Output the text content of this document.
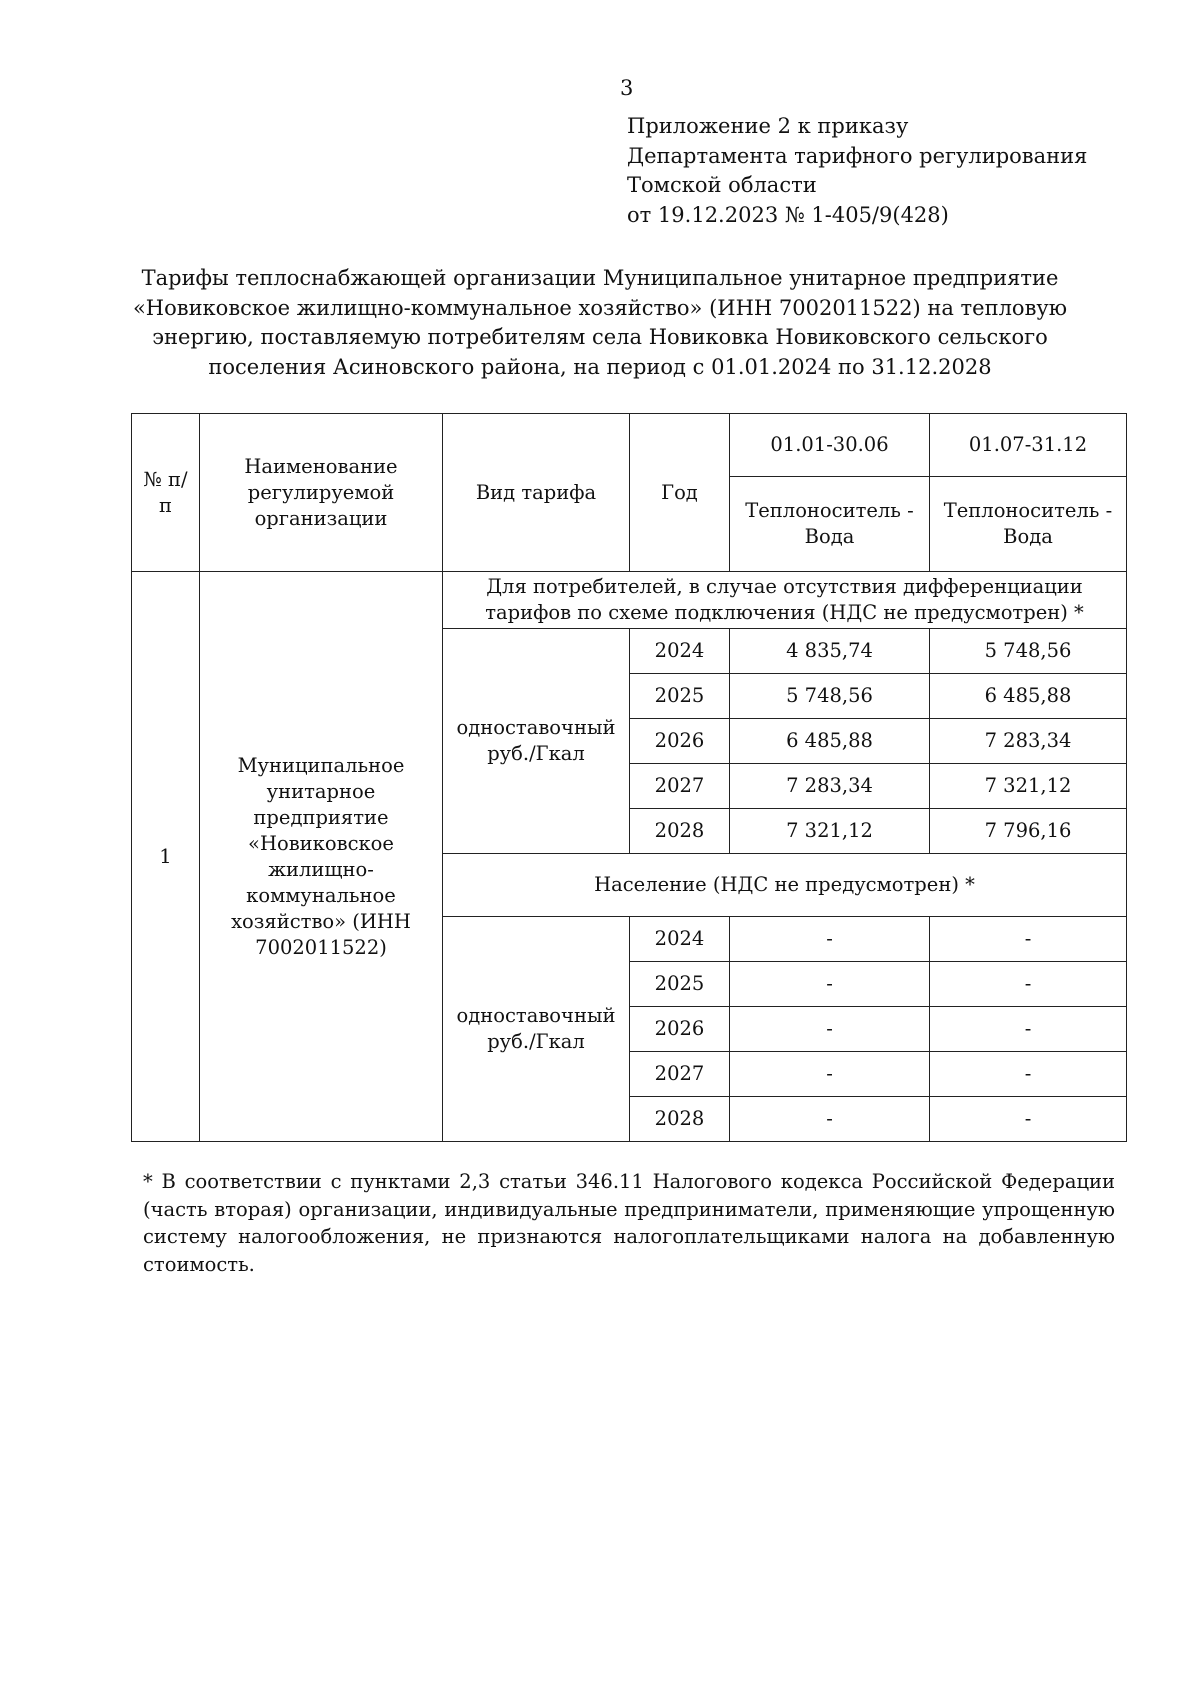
3
Приложение 2 к приказу
Департамента тарифного регулирования
Томской области
от 19.12.2023 № 1-405/9(428)
Тарифы теплоснабжающей организации Муниципальное унитарное предприятие
«Новиковское жилищно-коммунальное хозяйство» (ИНН 7002011522) на тепловую
энергию, поставляемую потребителям села Новиковка Новиковского сельского
поселения Асиновского района, на период с 01.01.2024 по 31.12.2028
№ п/п	Наименование регулируемой организации	Вид тарифа	Год	01.01-30.06	01.07-31.12
				Теплоноситель - Вода	Теплоноситель - Вода
1	Муниципальное унитарное предприятие «Новиковское жилищно-коммунальное хозяйство» (ИНН 7002011522)	Для потребителей, в случае отсутствия дифференциации тарифов по схеме подключения (НДС не предусмотрен) *			
		одноставочный руб./Гкал	2024	4 835,74	5 748,56
			2025	5 748,56	6 485,88
			2026	6 485,88	7 283,34
			2027	7 283,34	7 321,12
			2028	7 321,12	7 796,16
		Население (НДС не предусмотрен) *			
		одноставочный руб./Гкал	2024	-	-
			2025	-	-
			2026	-	-
			2027	-	-
			2028	-	-
* В соответствии с пунктами 2,3 статьи 346.11 Налогового кодекса Российской Федерации
(часть вторая) организации, индивидуальные предприниматели, применяющие упрощенную
систему налогообложения, не признаются налогоплательщиками налога на добавленную
стоимость.
